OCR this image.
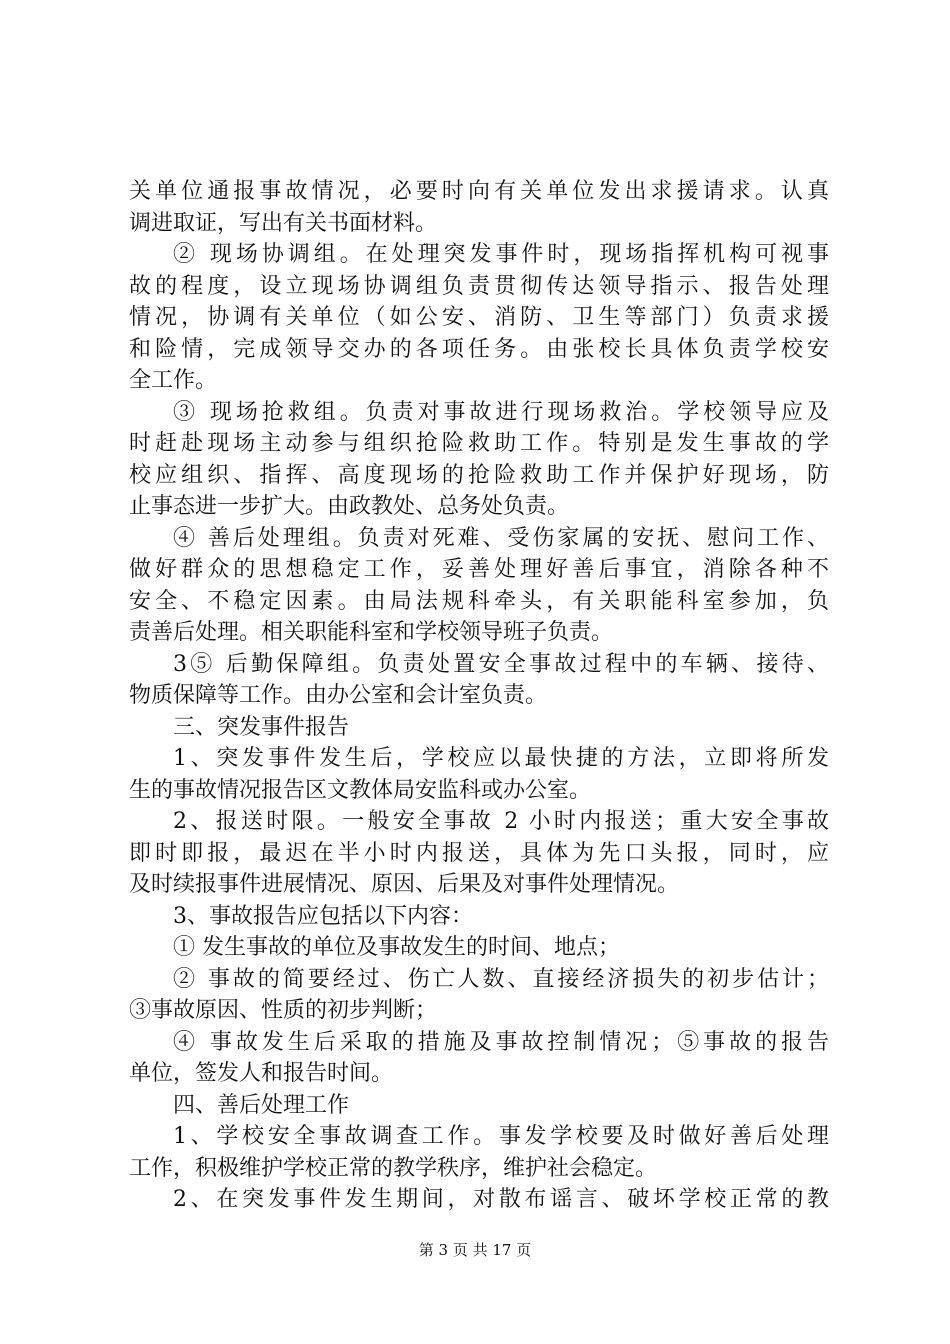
关单位通报事故情况，必要时向有关单位发出求援请求。认真
调进取证，写出有关书面材料。
② 现场协调组。在处理突发事件时，现场指挥机构可视事
故的程度，设立现场协调组负责贯彻传达领导指示、报告处理
情况，协调有关单位（如公安、消防、卫生等部门）负责求援
和险情，完成领导交办的各项任务。由张校长具体负责学校安
全工作。
③ 现场抢救组。负责对事故进行现场救治。学校领导应及
时赶赴现场主动参与组织抢险救助工作。特别是发生事故的学
校应组织、指挥、高度现场的抢险救助工作并保护好现场，防
止事态进一步扩大。由政教处、总务处负责。
④ 善后处理组。负责对死难、受伤家属的安抚、慰问工作、
做好群众的思想稳定工作，妥善处理好善后事宜，消除各种不
安全、不稳定因素。由局法规科牵头，有关职能科室参加，负
责善后处理。相关职能科室和学校领导班子负责。
3⑤ 后勤保障组。负责处置安全事故过程中的车辆、接待、
物质保障等工作。由办公室和会计室负责。
三、突发事件报告
1、突发事件发生后，学校应以最快捷的方法，立即将所发
生的事故情况报告区文教体局安监科或办公室。
2、报送时限。一般安全事故 2 小时内报送；重大安全事故
即时即报，最迟在半小时内报送，具体为先口头报，同时，应
及时续报事件进展情况、原因、后果及对事件处理情况。
3、事故报告应包括以下内容：
① 发生事故的单位及事故发生的时间、地点；
② 事故的简要经过、伤亡人数、直接经济损失的初步估计；
③事故原因、性质的初步判断；
④ 事故发生后采取的措施及事故控制情况；⑤事故的报告
单位，签发人和报告时间。
四、善后处理工作
1、学校安全事故调查工作。事发学校要及时做好善后处理
工作，积极维护学校正常的教学秩序，维护社会稳定。
2、在突发事件发生期间，对散布谣言、破坏学校正常的教
第 3 页 共 17 页
